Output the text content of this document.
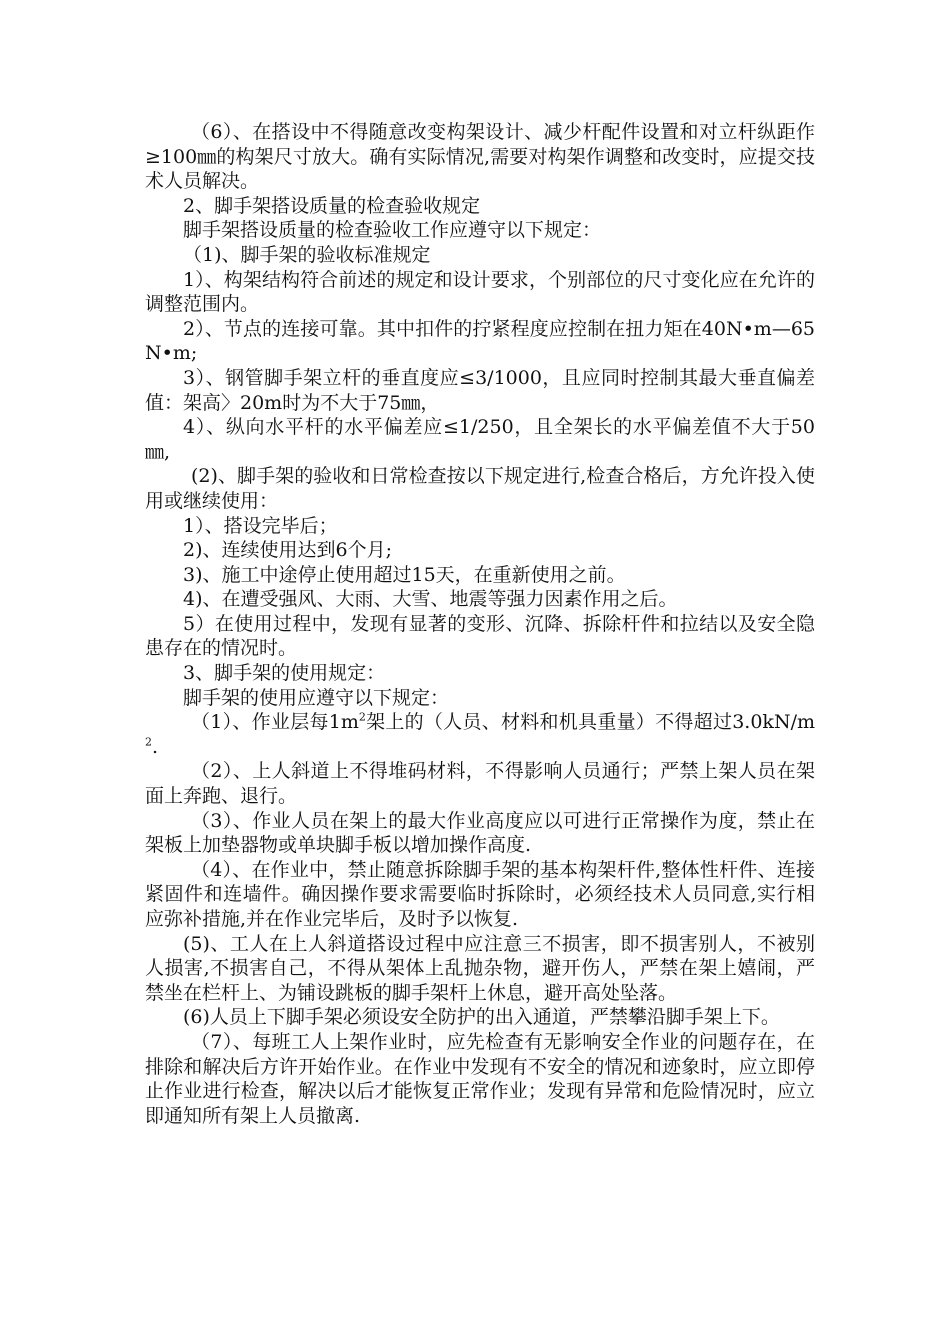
（6）、在搭设中不得随意改变构架设计、减少杆配件设置和对立杆纵距作≥100㎜的构架尺寸放大。确有实际情况,需要对构架作调整和改变时，应提交技术人员解决。

2、脚手架搭设质量的检查验收规定

脚手架搭设质量的检查验收工作应遵守以下规定：

（1)、脚手架的验收标准规定

1）、构架结构符合前述的规定和设计要求，个别部位的尺寸变化应在允许的调整范围内。

2）、节点的连接可靠。其中扣件的拧紧程度应控制在扭力矩在40N•m—65N•m;

3）、钢管脚手架立杆的垂直度应≤3/1000，且应同时控制其最大垂直偏差值：架高〉20m时为不大于75㎜，

4）、纵向水平杆的水平偏差应≤1/250，且全架长的水平偏差值不大于50㎜,

(2)、脚手架的验收和日常检查按以下规定进行,检查合格后，方允许投入使用或继续使用：

1）、搭设完毕后；

2)、连续使用达到6个月;

3)、施工中途停止使用超过15天，在重新使用之前。

4)、在遭受强风、大雨、大雪、地震等强力因素作用之后。

5）在使用过程中，发现有显著的变形、沉降、拆除杆件和拉结以及安全隐患存在的情况时。

3、脚手架的使用规定：

脚手架的使用应遵守以下规定：

（1）、作业层每$1m^2$架上的（人员、材料和机具重量）不得超过$3.0kN/m^2$.

（2）、上人斜道上不得堆码材料，不得影响人员通行；严禁上架人员在架面上奔跑、退行。

（3）、作业人员在架上的最大作业高度应以可进行正常操作为度，禁止在架板上加垫器物或单块脚手板以增加操作高度.

（4）、在作业中，禁止随意拆除脚手架的基本构架杆件,整体性杆件、连接紧固件和连墙件。确因操作要求需要临时拆除时，必须经技术人员同意,实行相应弥补措施,并在作业完毕后，及时予以恢复.

(5)、工人在上人斜道搭设过程中应注意三不损害，即不损害别人，不被别人损害,不损害自己，不得从架体上乱抛杂物，避开伤人，严禁在架上嬉闹，严禁坐在栏杆上、为铺设跳板的脚手架杆上休息，避开高处坠落。

(6)人员上下脚手架必须设安全防护的出入通道，严禁攀沿脚手架上下。

（7）、每班工人上架作业时，应先检查有无影响安全作业的问题存在，在排除和解决后方许开始作业。在作业中发现有不安全的情况和迹象时，应立即停止作业进行检查，解决以后才能恢复正常作业；发现有异常和危险情况时，应立即通知所有架上人员撤离.
